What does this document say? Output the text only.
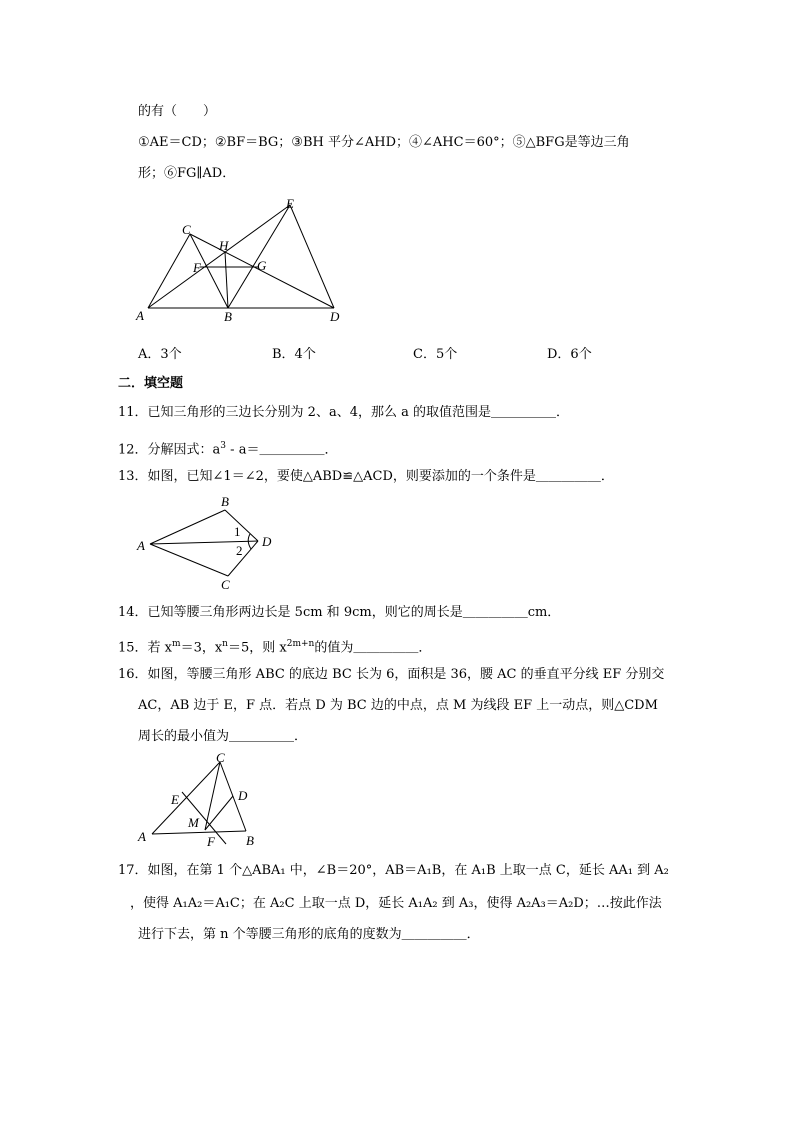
的有（　　）
①AE＝CD；②BF＝BG；③BH 平分∠AHD；④∠AHC＝60°；⑤△BFG是等边三角
形；⑥FG∥AD．
A	B
C
D
E
F	G
H
A．3个	B．4个	C．5个	D．6个
二．填空题
11．已知三角形的三边长分别为 2、a、4，那么 a 的取值范围是＿＿＿＿＿．
12．分解因式：$a^3$ - a＝＿＿＿＿＿．
13．如图，已知∠1＝∠2，要使△ABD≌△ACD，则要添加的一个条件是＿＿＿＿＿．
A
B
C
D
1
2
14．已知等腰三角形两边长是 5cm 和 9cm，则它的周长是＿＿＿＿＿cm．
15．若 $x^m=3$，$x^n=5$，则 $x^{2m+n}$的值为＿＿＿＿＿．
16．如图，等腰三角形 ABC 的底边 BC 长为 6，面积是 36，腰 AC 的垂直平分线 EF 分别交
AC，AB 边于 E，F 点．若点 D 为 BC 边的中点，点 M 为线段 EF 上一动点，则△CDM
周长的最小值为＿＿＿＿＿．
A	B
C
D
E
F
M
17．如图，在第 1 个△ABA₁ 中，∠B＝20°，AB＝A₁B，在 A₁B 上取一点 C，延长 AA₁ 到 A₂
，使得 A₁A₂＝A₁C；在 A₂C 上取一点 D，延长 A₁A₂ 到 A₃，使得 A₂A₃＝A₂D；…按此作法
进行下去，第 n 个等腰三角形的底角的度数为＿＿＿＿＿．
